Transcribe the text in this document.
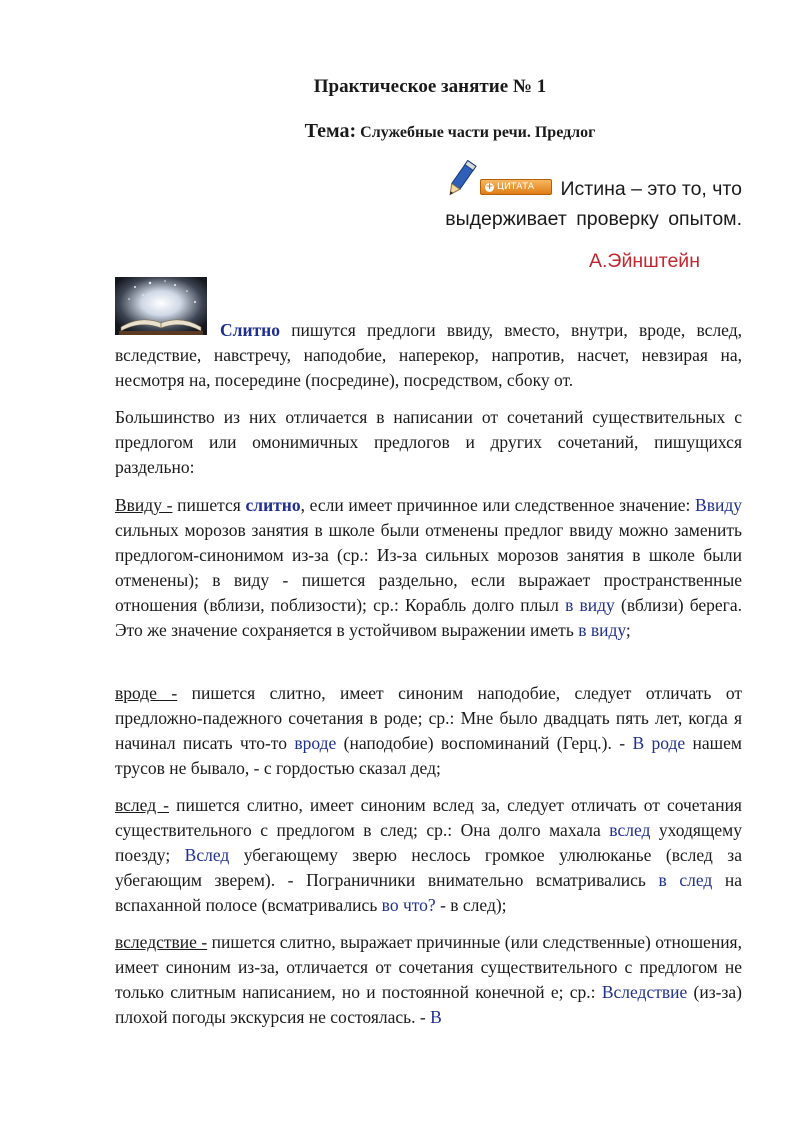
Практическое занятие № 1
Тема: Служебные части речи. Предлог
+ ЦИТАТА Истина – это то, что
выдерживает проверку опытом.
А.Эйнштейн

Слитно пишутся предлоги ввиду, вместо, внутри, вроде, вслед, вследствие, навстречу, наподобие, наперекор, напротив, насчет, невзирая на, несмотря на, посередине (посредине), посредством, сбоку от.

Большинство из них отличается в написании от сочетаний существительных с предлогом или омонимичных предлогов и других сочетаний, пишущихся раздельно:

Ввиду - пишется слитно, если имеет причинное или следственное значение: Ввиду сильных морозов занятия в школе были отменены предлог ввиду можно заменить предлогом-синонимом из-за (ср.: Из-за сильных морозов занятия в школе были отменены); в виду - пишется раздельно, если выражает пространственные отношения (вблизи, поблизости); ср.: Корабль долго плыл в виду (вблизи) берега. Это же значение сохраняется в устойчивом выражении иметь в виду;

вроде - пишется слитно, имеет синоним наподобие, следует отличать от предложно-падежного сочетания в роде; ср.: Мне было двадцать пять лет, когда я начинал писать что-то вроде (наподобие) воспоминаний (Герц.). - В роде нашем трусов не бывало, - с гордостью сказал дед;

вслед - пишется слитно, имеет синоним вслед за, следует отличать от сочетания существительного с предлогом в след; ср.: Она долго махала вслед уходящему поезду; Вслед убегающему зверю неслось громкое улюлюканье (вслед за убегающим зверем). - Пограничники внимательно всматривались в след на вспаханной полосе (всматривались во что? - в след);

вследствие - пишется слитно, выражает причинные (или следственные) отношения, имеет синоним из-за, отличается от сочетания существительного с предлогом не только слитным написанием, но и постоянной конечной е; ср.: Вследствие (из-за) плохой погоды экскурсия не состоялась. - В
